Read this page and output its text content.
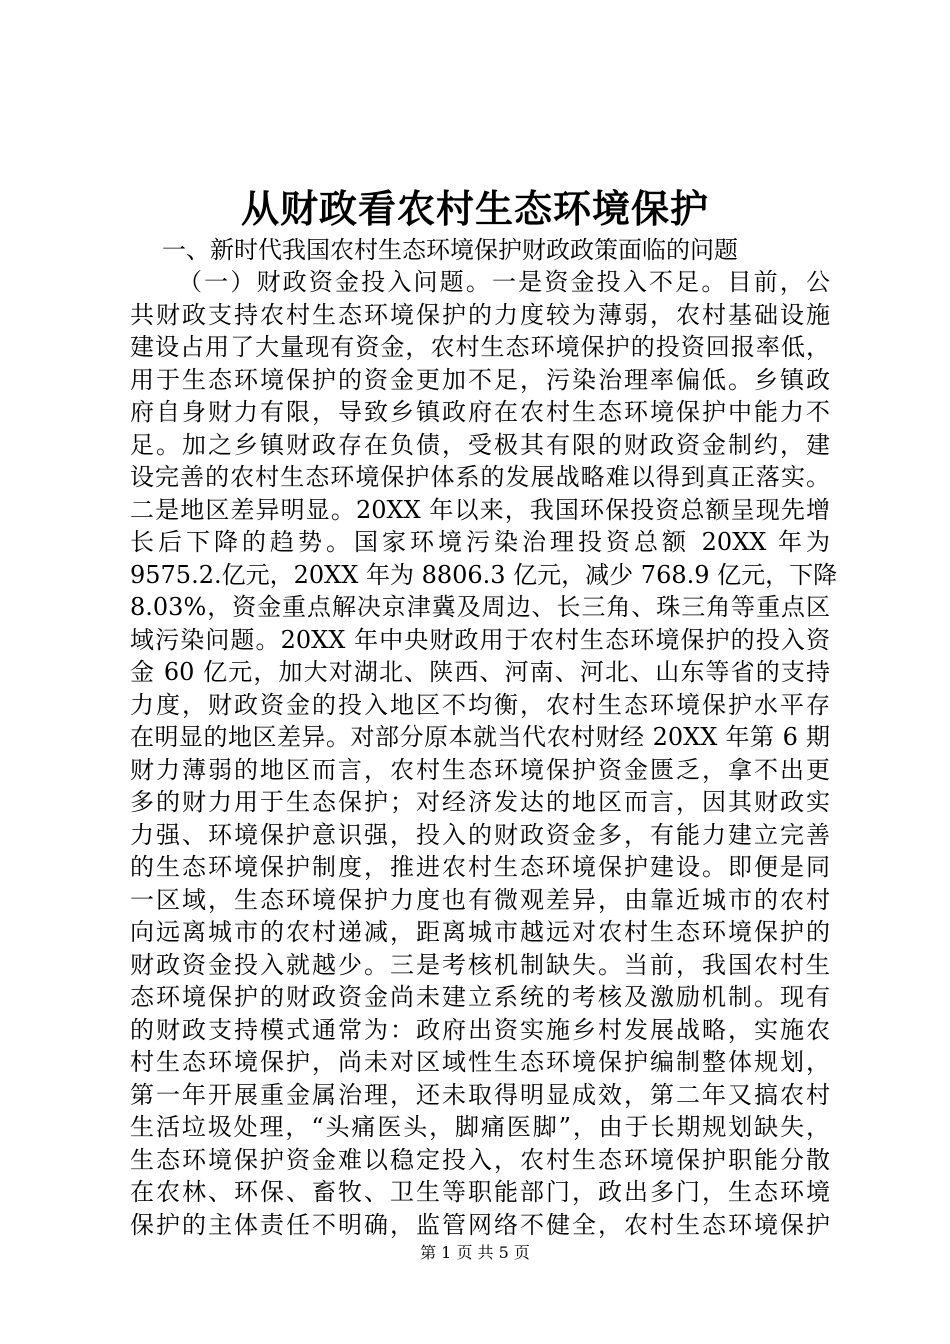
从财政看农村生态环境保护
一、新时代我国农村生态环境保护财政政策面临的问题
（一）财政资金投入问题。一是资金投入不足。目前，公
共财政支持农村生态环境保护的力度较为薄弱，农村基础设施
建设占用了大量现有资金，农村生态环境保护的投资回报率低，
用于生态环境保护的资金更加不足，污染治理率偏低。乡镇政
府自身财力有限，导致乡镇政府在农村生态环境保护中能力不
足。加之乡镇财政存在负债，受极其有限的财政资金制约，建
设完善的农村生态环境保护体系的发展战略难以得到真正落实。
二是地区差异明显。20XX 年以来，我国环保投资总额呈现先增
长后下降的趋势。国家环境污染治理投资总额 20XX 年为
9575.2.亿元，20XX 年为 8806.3 亿元，减少 768.9 亿元，下降
8.03%，资金重点解决京津冀及周边、长三角、珠三角等重点区
域污染问题。20XX 年中央财政用于农村生态环境保护的投入资
金 60 亿元，加大对湖北、陕西、河南、河北、山东等省的支持
力度，财政资金的投入地区不均衡，农村生态环境保护水平存
在明显的地区差异。对部分原本就当代农村财经 20XX 年第 6 期
财力薄弱的地区而言，农村生态环境保护资金匮乏，拿不出更
多的财力用于生态保护；对经济发达的地区而言，因其财政实
力强、环境保护意识强，投入的财政资金多，有能力建立完善
的生态环境保护制度，推进农村生态环境保护建设。即便是同
一区域，生态环境保护力度也有微观差异，由靠近城市的农村
向远离城市的农村递减，距离城市越远对农村生态环境保护的
财政资金投入就越少。三是考核机制缺失。当前，我国农村生
态环境保护的财政资金尚未建立系统的考核及激励机制。现有
的财政支持模式通常为：政府出资实施乡村发展战略，实施农
村生态环境保护，尚未对区域性生态环境保护编制整体规划，
第一年开展重金属治理，还未取得明显成效，第二年又搞农村
生活垃圾处理，“头痛医头，脚痛医脚”，由于长期规划缺失，
生态环境保护资金难以稳定投入，农村生态环境保护职能分散
在农林、环保、畜牧、卫生等职能部门，政出多门，生态环境
保护的主体责任不明确，监管网络不健全，农村生态环境保护
第 1 页 共 5 页
